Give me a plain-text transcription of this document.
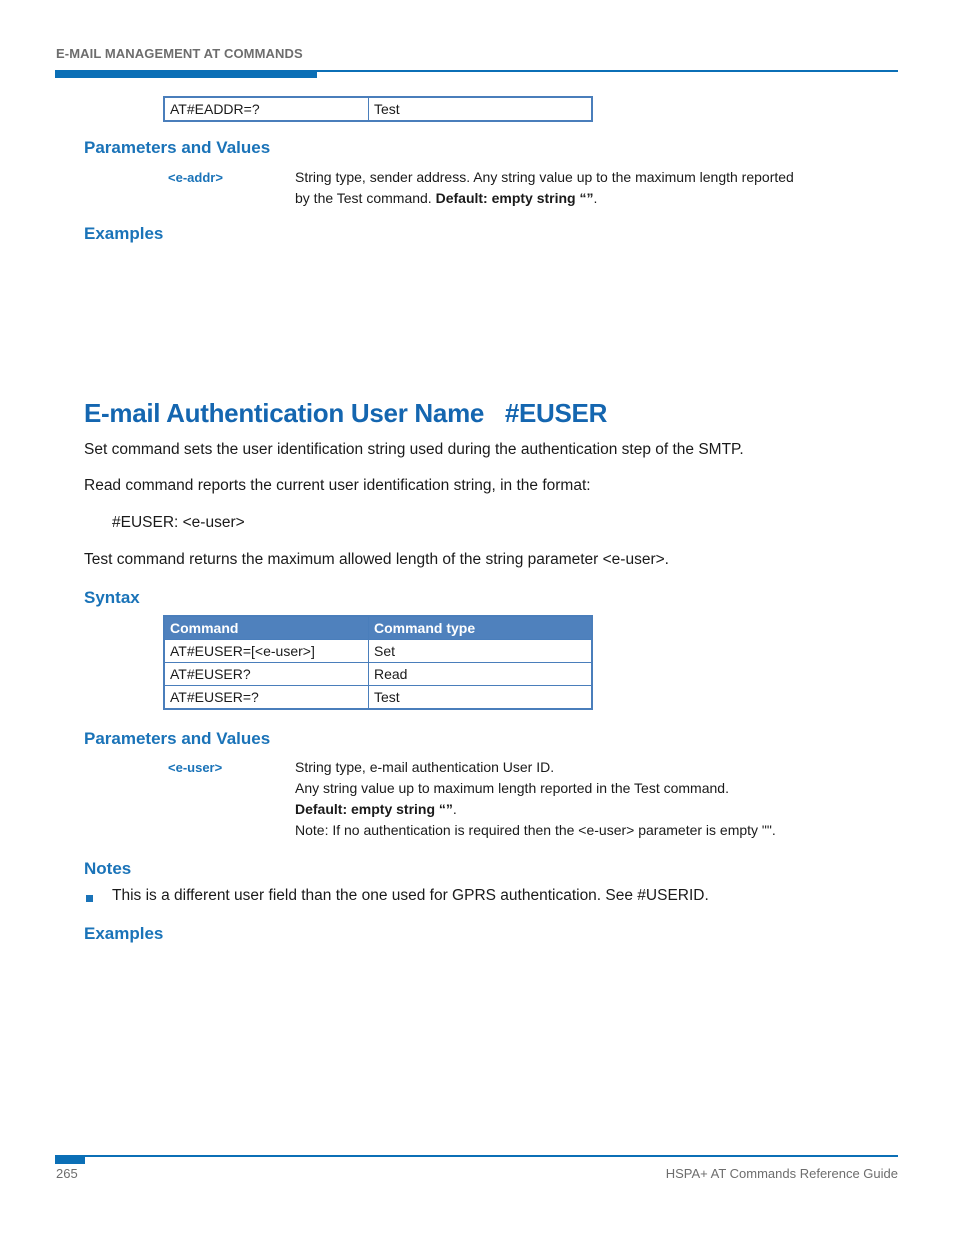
E-MAIL MANAGEMENT AT COMMANDS
AT#EADDR=?	Test
Parameters and Values
<e-addr>	String type, sender address. Any string value up to the maximum length reported
by the Test command. Default: empty string “”.
Examples
E-mail Authentication User Name   #EUSER
Set command sets the user identification string used during the authentication step of the SMTP.
Read command reports the current user identification string, in the format:
#EUSER: <e-user>
Test command returns the maximum allowed length of the string parameter <e-user>.
Syntax
Command	Command type
AT#EUSER=[<e-user>]	Set
AT#EUSER?	Read
AT#EUSER=?	Test
Parameters and Values
<e-user>	String type, e-mail authentication User ID.
Any string value up to maximum length reported in the Test command.
Default: empty string “”.
Note: If no authentication is required then the <e-user> parameter is empty "".
Notes
This is a different user field than the one used for GPRS authentication. See #USERID.
Examples
265	HSPA+ AT Commands Reference Guide
